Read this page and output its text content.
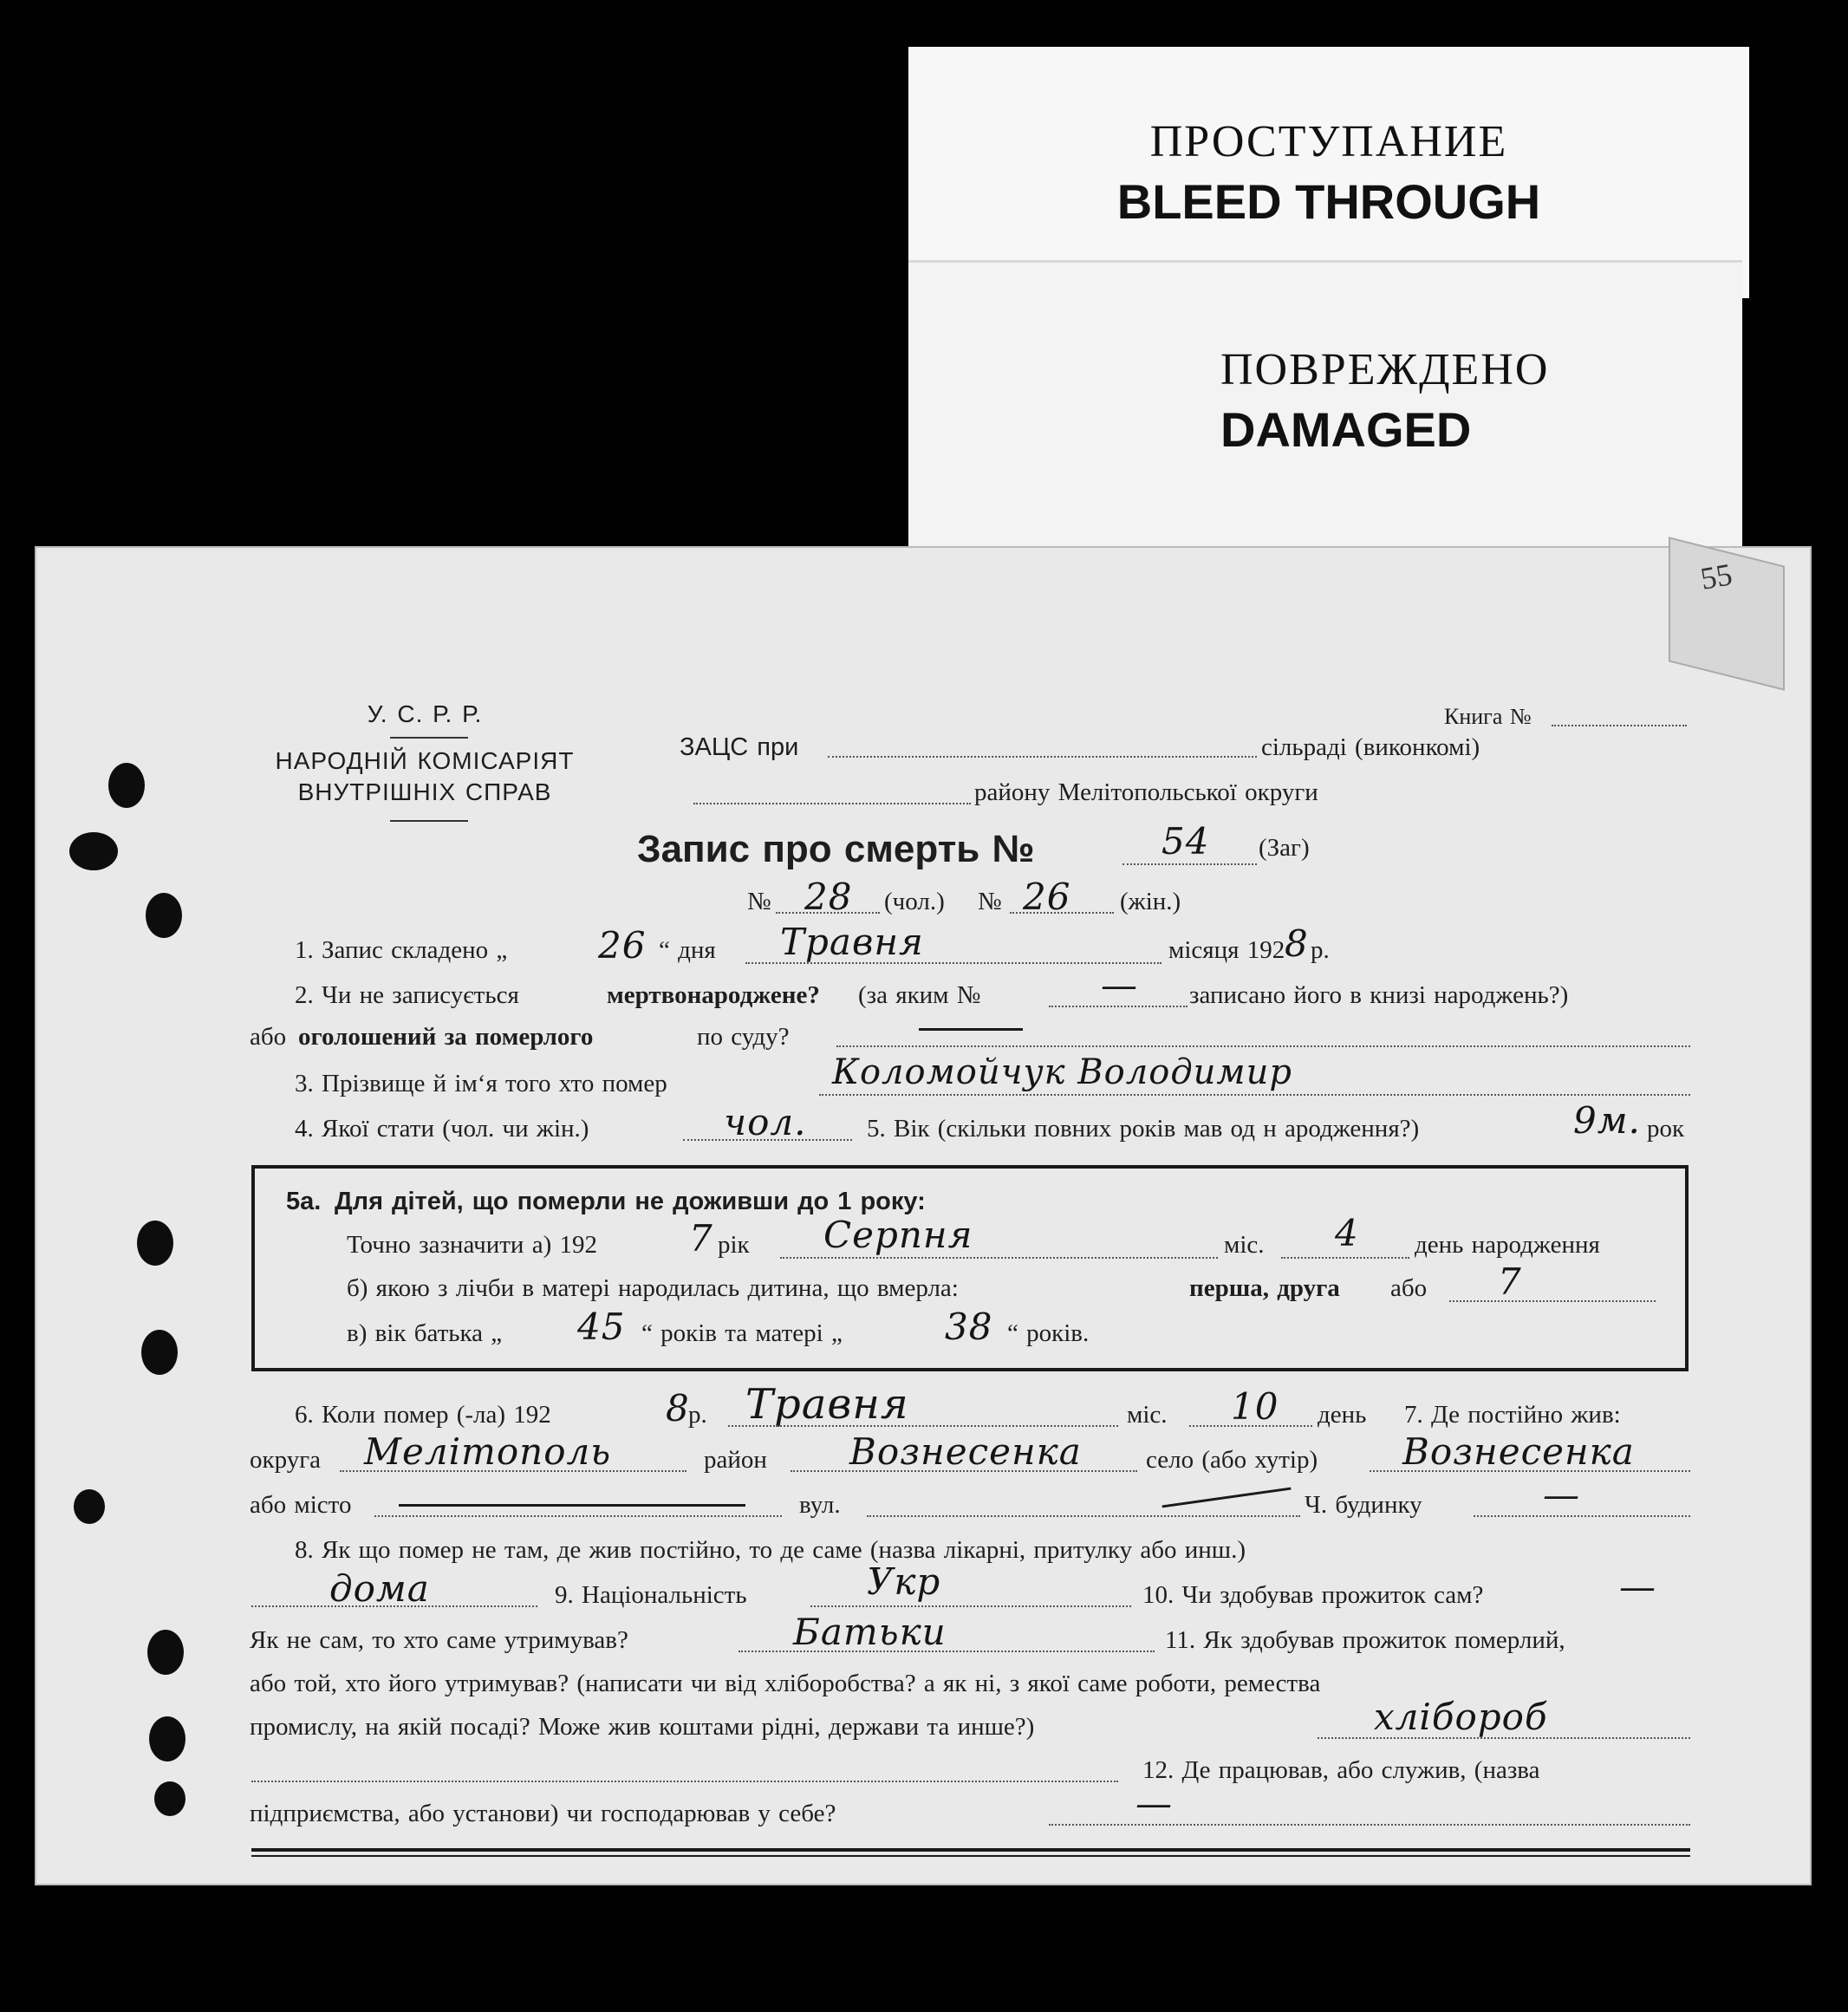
ПРОСТУПАНИЕ
BLEED THROUGH
ПОВРЕЖДЕНО
DAMAGED
55
У. С. Р. Р.
НАРОДНІЙ КОМІСАРІЯТ
ВНУТРІШНІХ СПРАВ
Книга №
ЗАЦС при	сільраді (виконкомі)
району Мелітопольської округи
Запис про смерть №	54 (Заг)
№ 28 (чол.) № 26 (жін.)
1. Запис складено „ 26 “ дня Травня	місяця 192 8 р.
2. Чи не записується	мертвонароджене? (за яким №	— записано його в книзі народжень?)
або оголошений за померлого	по суду?
3. Прізвище й ім‘я того хто помер	Коломойчук Володимир
4. Якої стати (чол. чи жін.)	чол. 5. Вік (скільки повних років мав од н ародження?)	9м. рок
5а. Для дітей, що померли не доживши до 1 року:
Точно зазначити а) 192	7 рік Серпня	міс. 4 день народження
б) якою з лічби в матері народилась дитина, що вмерла:	перша, друга або 7
в) вік батька „ 45 “ років та матері „	38 “ років.
6. Коли помер (-ла) 192	8
р. Травня	міс. 10 день 7. Де постійно жив:
округа Мелітополь	район Вознесенка	село (або хутір) Вознесенка
або місто	вул.	Ч. будинку	—
8. Як що помер не там, де жив постійно, то де саме (назва лікарні, притулку або инш.)
дома	9. Національність	Укр	10. Чи здобував прожиток сам?	—
Як не сам, то хто саме утримував?	Батьки	11. Як здобував прожиток померлий,
або той, хто його утримував? (написати чи від хліборобства? а як ні, з якої саме роботи, ремества
промислу, на якій посаді? Може жив коштами рідні, держави та инше?)	хлібороб
12. Де працював, або служив, (назва
підприємства, або установи) чи господарював у себе?	—
